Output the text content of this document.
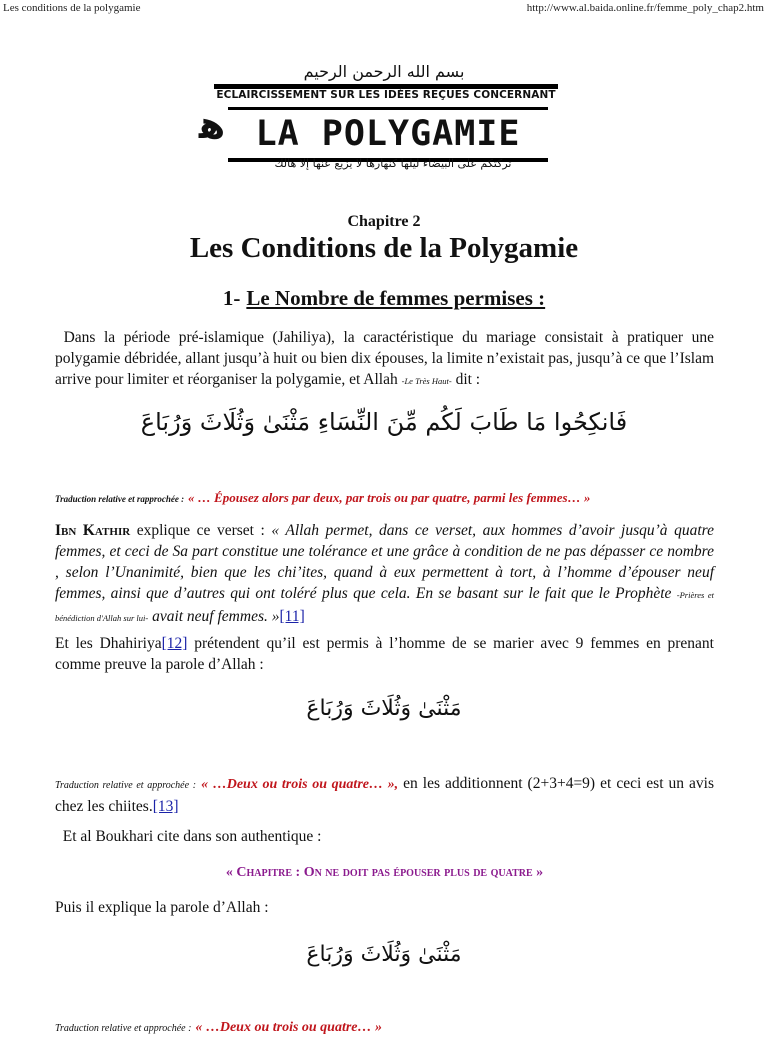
Les conditions de la polygamie	http://www.al.baida.online.fr/femme_poly_chap2.htm
بسم الله الرحمن الرحيم
ECLAIRCISSEMENT SUR LES IDÉES REÇUES CONCERNANT
ﻫ LA POLYGAMIE
تركتكم على البيضاء ليلها كنهارها لا يزيغ عنها إلا هالك
Chapitre 2
Les Conditions de la Polygamie
1- Le Nombre de femmes permises :
Dans la période pré-islamique (Jahiliya), la caractéristique du mariage consistait à pratiquer une polygamie débridée, allant jusqu’à huit ou bien dix épouses, la limite n’existait pas, jusqu’à ce que l’Islam arrive pour limiter et réorganiser la polygamie, et Allah -Le Très Haut- dit :
فَانكِحُوا مَا طَابَ لَكُم مِّنَ النِّسَاءِ مَثْنَىٰ وَثُلَاثَ وَرُبَاعَ
Traduction relative et rapprochée : « … Épousez alors par deux, par trois ou par quatre, parmi les femmes… »
Ibn Kathir explique ce verset : « Allah permet, dans ce verset, aux hommes d’avoir jusqu’à quatre femmes, et ceci de Sa part constitue une tolérance et une grâce à condition de ne pas dépasser ce nombre , selon l’Unanimité, bien que les chi’ites, quand à eux permettent à tort, à l’homme d’épouser neuf femmes, ainsi que d’autres qui ont toléré plus que cela. En se basant sur le fait que le Prophète -Prières et bénédiction d'Allah sur lui- avait neuf femmes. »[11]
Et les Dhahiriya[12] prétendent qu’il est permis à l’homme de se marier avec 9 femmes en prenant comme preuve la parole d’Allah :
مَثْنَىٰ وَثُلَاثَ وَرُبَاعَ
Traduction relative et approchée : « …Deux ou trois ou quatre… », en les additionnent (2+3+4=9) et ceci est un avis chez les chiites.[13]
Et al Boukhari cite dans son authentique :
« Chapitre : On ne doit pas épouser plus de quatre »
Puis il explique la parole d’Allah :
مَثْنَىٰ وَثُلَاثَ وَرُبَاعَ
Traduction relative et approchée : « …Deux ou trois ou quatre… »
